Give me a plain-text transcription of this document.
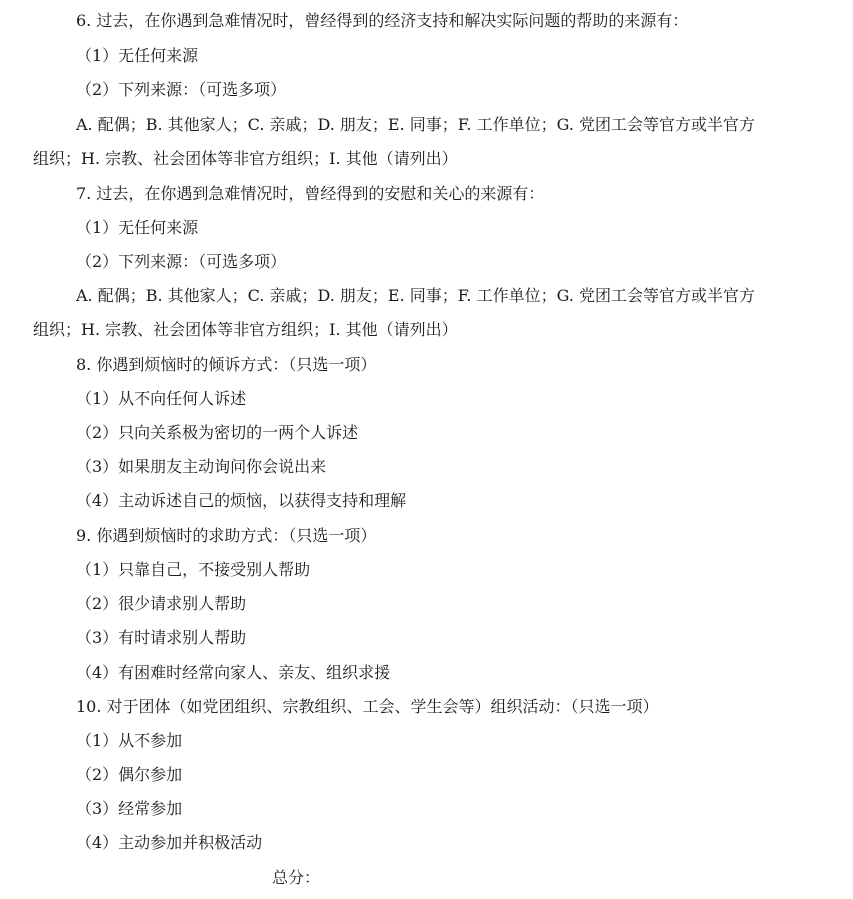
6. 过去，在你遇到急难情况时，曾经得到的经济支持和解决实际问题的帮助的来源有：
（1）无任何来源
（2）下列来源：（可选多项）
A. 配偶；B. 其他家人；C. 亲戚；D. 朋友；E. 同事；F. 工作单位；G. 党团工会等官方或半官方
组织；H. 宗教、社会团体等非官方组织；I. 其他（请列出）
7. 过去，在你遇到急难情况时，曾经得到的安慰和关心的来源有：
（1）无任何来源
（2）下列来源：（可选多项）
A. 配偶；B. 其他家人；C. 亲戚；D. 朋友；E. 同事；F. 工作单位；G. 党团工会等官方或半官方
组织；H. 宗教、社会团体等非官方组织；I. 其他（请列出）
8. 你遇到烦恼时的倾诉方式：（只选一项）
（1）从不向任何人诉述
（2）只向关系极为密切的一两个人诉述
（3）如果朋友主动询问你会说出来
（4）主动诉述自己的烦恼，以获得支持和理解
9. 你遇到烦恼时的求助方式：（只选一项）
（1）只靠自己，不接受别人帮助
（2）很少请求别人帮助
（3）有时请求别人帮助
（4）有困难时经常向家人、亲友、组织求援
10. 对于团体（如党团组织、宗教组织、工会、学生会等）组织活动：（只选一项）
（1）从不参加
（2）偶尔参加
（3）经常参加
（4）主动参加并积极活动
总分：
